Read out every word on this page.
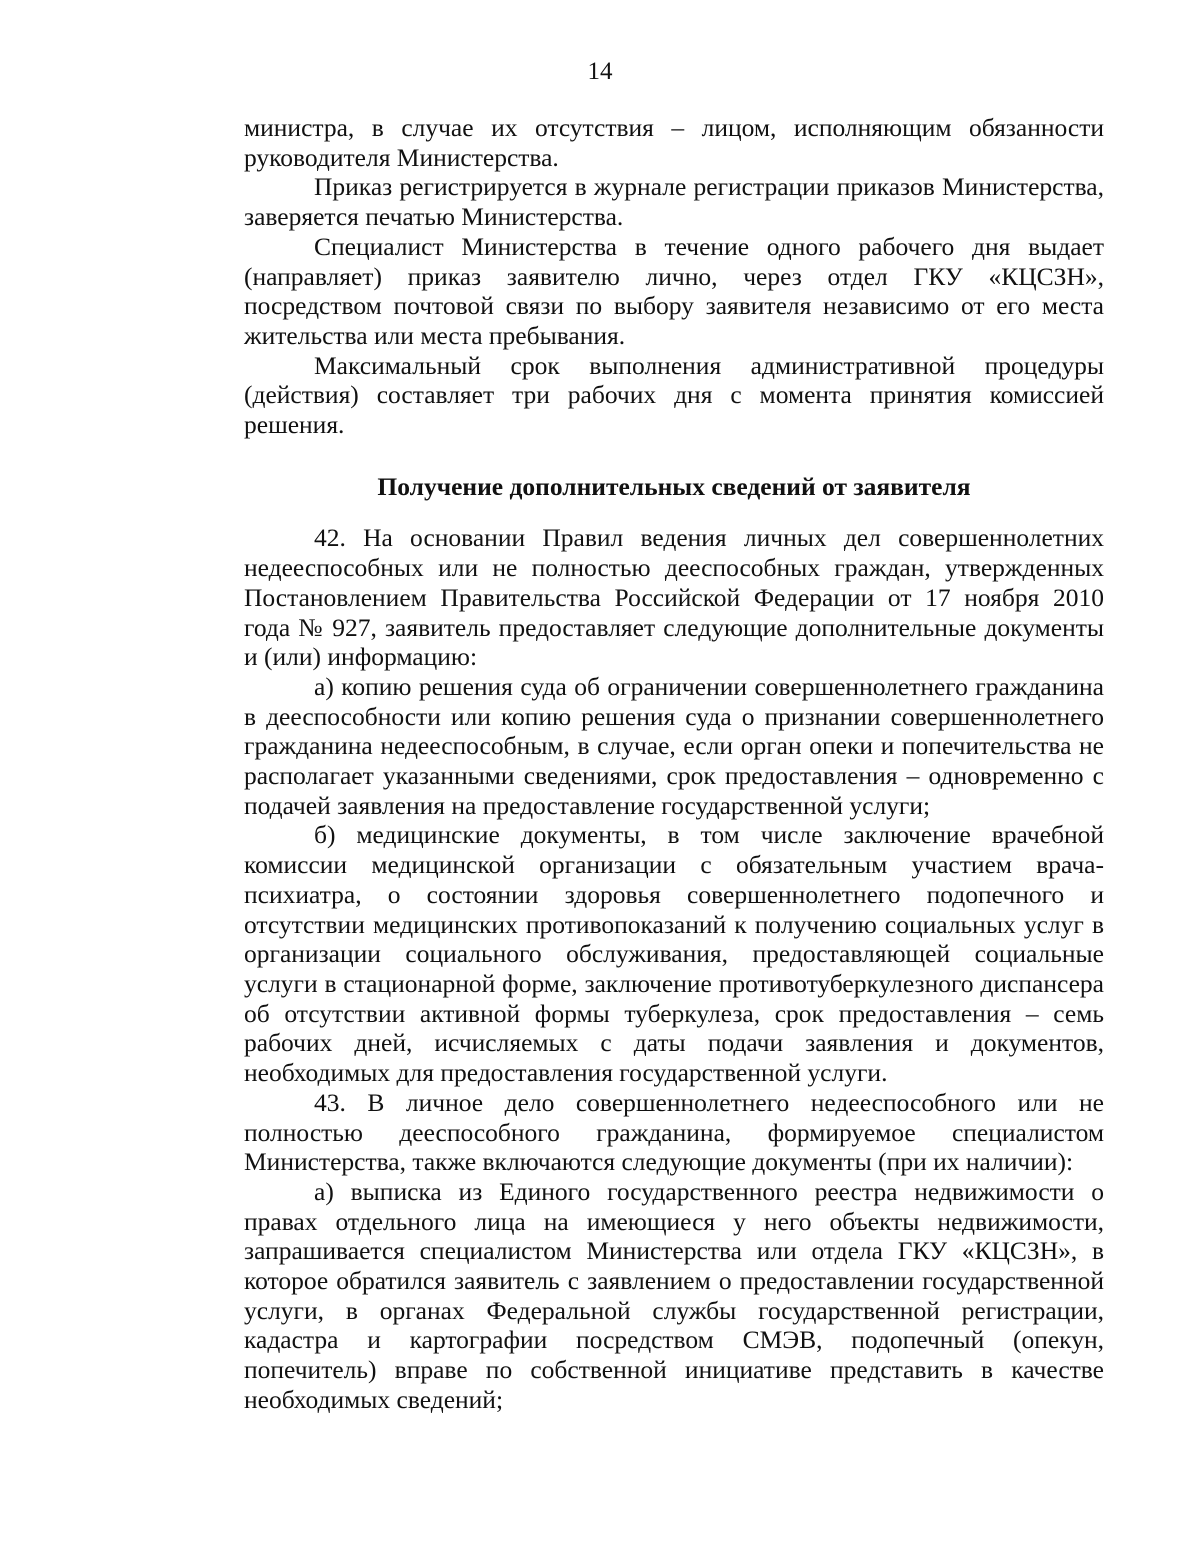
14

министра, в случае их отсутствия – лицом, исполняющим обязанности руководителя Министерства.

Приказ регистрируется в журнале регистрации приказов Министерства, заверяется печатью Министерства.

Специалист Министерства в течение одного рабочего дня выдает (направляет) приказ заявителю лично, через отдел ГКУ «КЦСЗН», посредством почтовой связи по выбору заявителя независимо от его места жительства или места пребывания.

Максимальный срок выполнения административной процедуры (действия) составляет три рабочих дня с момента принятия комиссией решения.

Получение дополнительных сведений от заявителя

42. На основании Правил ведения личных дел совершеннолетних недееспособных или не полностью дееспособных граждан, утвержденных Постановлением Правительства Российской Федерации от 17 ноября 2010 года № 927, заявитель предоставляет следующие дополнительные документы и (или) информацию:

а) копию решения суда об ограничении совершеннолетнего гражданина в дееспособности или копию решения суда о признании совершеннолетнего гражданина недееспособным, в случае, если орган опеки и попечительства не располагает указанными сведениями, срок предоставления – одновременно с подачей заявления на предоставление государственной услуги;

б) медицинские документы, в том числе заключение врачебной комиссии медицинской организации с обязательным участием врача-психиатра, о состоянии здоровья совершеннолетнего подопечного и отсутствии медицинских противопоказаний к получению социальных услуг в организации социального обслуживания, предоставляющей социальные услуги в стационарной форме, заключение противотуберкулезного диспансера об отсутствии активной формы туберкулеза, срок предоставления – семь рабочих дней, исчисляемых с даты подачи заявления и документов, необходимых для предоставления государственной услуги.

43. В личное дело совершеннолетнего недееспособного или не полностью дееспособного гражданина, формируемое специалистом Министерства, также включаются следующие документы (при их наличии):

а) выписка из Единого государственного реестра недвижимости о правах отдельного лица на имеющиеся у него объекты недвижимости, запрашивается специалистом Министерства или отдела ГКУ «КЦСЗН», в которое обратился заявитель с заявлением о предоставлении государственной услуги, в органах Федеральной службы государственной регистрации, кадастра и картографии посредством СМЭВ, подопечный (опекун, попечитель) вправе по собственной инициативе представить в качестве необходимых сведений;
